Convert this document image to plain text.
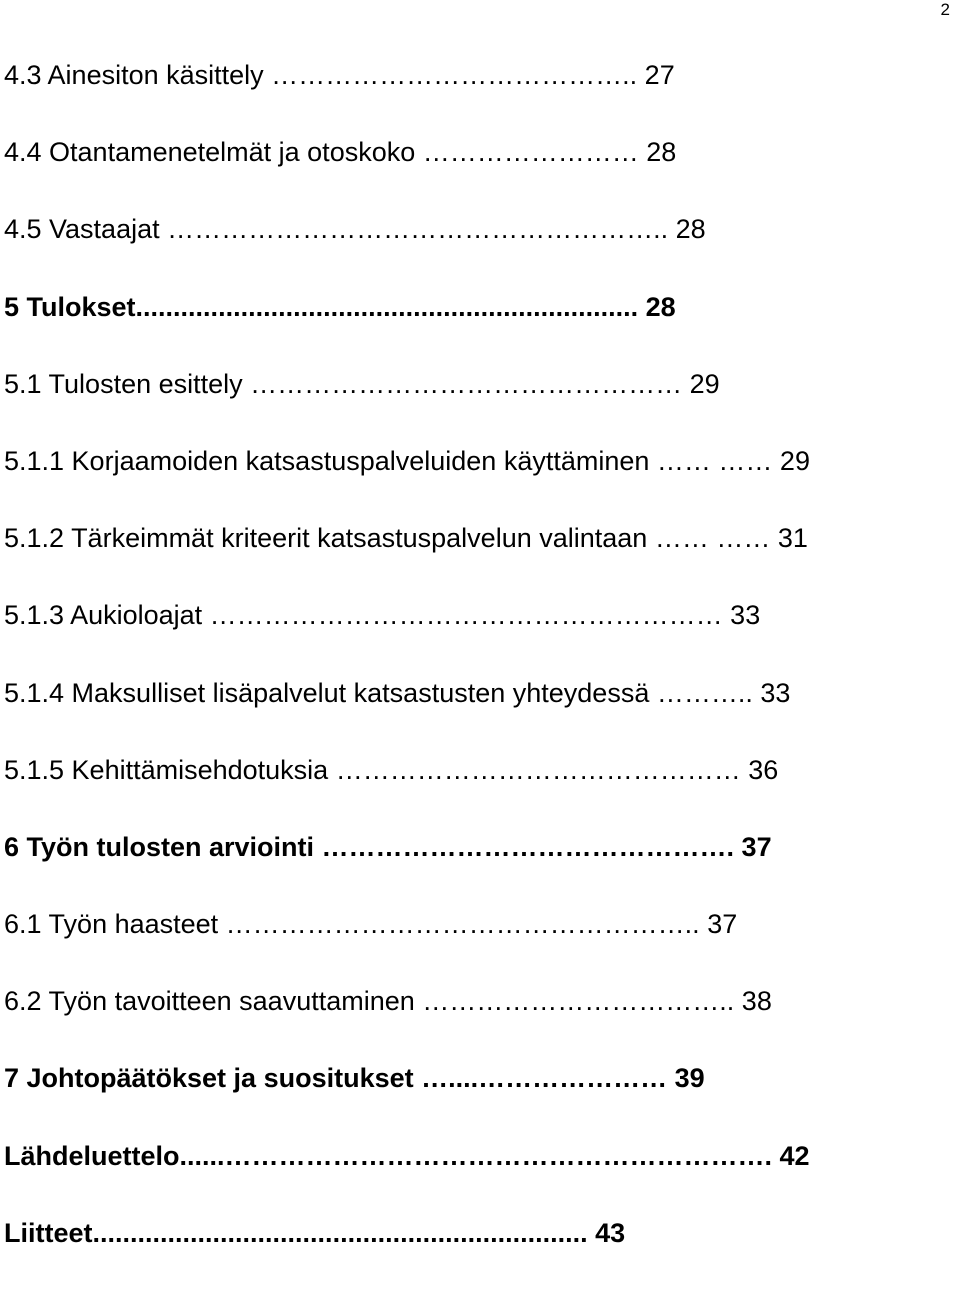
2
4.3 Ainesiton käsittely ………………………………….. 27
4.4 Otantamenetelmät ja otoskoko …………………… 28
4.5 Vastaajat ……………………………………………….. 28
5 Tulokset................................................................... 28
5.1 Tulosten esittely ………………………………………… 29
5.1.1 Korjaamoiden katsastuspalveluiden käyttäminen …… …… 29
5.1.2 Tärkeimmät kriteerit katsastuspalvelun valintaan …… …… 31
5.1.3 Aukioloajat ………………………………………………… 33
5.1.4 Maksulliset lisäpalvelut katsastusten yhteydessä ……….. 33
5.1.5 Kehittämisehdotuksia ……………………………………… 36
6 Työn tulosten arviointi ………………………………………. 37
6.1 Työn haasteet …………………………………………….. 37
6.2 Työn tavoitteen saavuttaminen …………………………….. 38
7 Johtopäätökset ja suositukset …....………………… 39
Lähdeluettelo......……………………………………………………. 42
Liitteet.................................................................. 43
